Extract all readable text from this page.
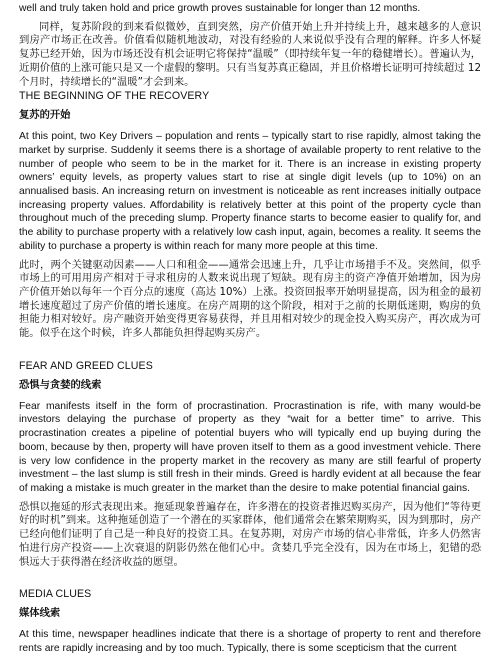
well and truly taken hold and price growth proves sustainable for longer than 12 months.

同样，复苏阶段的到来看似微妙，直到突然，房产价值开始上升并持续上升，越来越多的人意识到房产市场正在改善。价值看似随机地波动，对没有经验的人来说似乎没有合理的解释。许多人怀疑复苏已经开始，因为市场还没有机会证明它将保持“温暖”（即持续年复一年的稳健增长）。普遍认为，近期价值的上涨可能只是又一个虚假的黎明。只有当复苏真正稳固，并且价格增长证明可持续超过 12 个月时，持续增长的“温暖”才会到来。

THE BEGINNING OF THE RECOVERY
复苏的开始

At this point, two Key Drivers – population and rents – typically start to rise rapidly, almost taking the market by surprise. Suddenly it seems there is a shortage of available property to rent relative to the number of people who seem to be in the market for it. There is an increase in existing property owners’ equity levels, as property values start to rise at single digit levels (up to 10%) on an annualised basis. An increasing return on investment is noticeable as rent increases initially outpace increasing property values. Affordability is relatively better at this point of the property cycle than throughout much of the preceding slump. Property finance starts to become easier to qualify for, and the ability to purchase property with a relatively low cash input, again, becomes a reality. It seems the ability to purchase a property is within reach for many more people at this time.

此时，两个关键驱动因素——人口和租金——通常会迅速上升，几乎让市场措手不及。突然间，似乎市场上的可用用房产相对于寻求租房的人数来说出现了短缺。现有房主的资产净值开始增加，因为房产价值开始以每年一个百分点的速度（高达 10%）上涨。投资回报率开始明显提高，因为租金的最初增长速度超过了房产价值的增长速度。在房产周期的这个阶段，相对于之前的长期低迷期，购房的负担能力相对较好。房产融资开始变得更容易获得，并且用相对较少的现金投入购买房产，再次成为可能。似乎在这个时候，许多人都能负担得起购买房产。

FEAR AND GREED CLUES
恐惧与贪婪的线索

Fear manifests itself in the form of procrastination. Procrastination is rife, with many would-be investors delaying the purchase of property as they “wait for a better time” to arrive. This procrastination creates a pipeline of potential buyers who will typically end up buying during the boom, because by then, property will have proven itself to them as a good investment vehicle. There is very low confidence in the property market in the recovery as many are still fearful of property investment – the last slump is still fresh in their minds. Greed is hardly evident at all because the fear of making a mistake is much greater in the market than the desire to make potential financial gains.

恐惧以拖延的形式表现出来。拖延现象普遍存在，许多潜在的投资者推迟购买房产，因为他们“等待更好的时机”到来。这种拖延创造了一个潜在的买家群体，他们通常会在繁荣期购买，因为到那时，房产已经向他们证明了自己是一种良好的投资工具。在复苏期，对房产市场的信心非常低，许多人仍然害怕进行房产投资——上次衰退的阴影仍然在他们心中。贪婪几乎完全没有，因为在市场上，犯错的恐惧远大于获得潜在经济收益的愿望。

MEDIA CLUES
媒体线索

At this time, newspaper headlines indicate that there is a shortage of property to rent and therefore rents are rapidly increasing and by too much. Typically, there is some scepticism that the current
